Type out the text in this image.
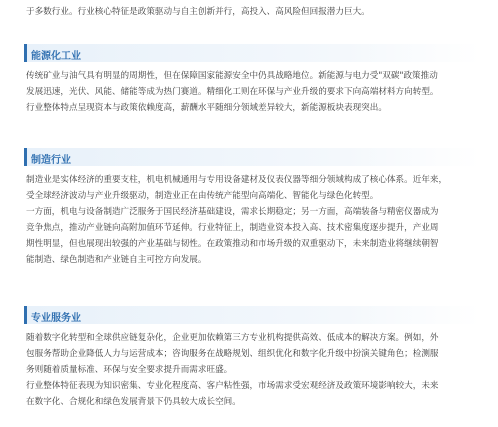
于多数行业。行业核心特征是政策驱动与自主创新并行，高投入、高风险但回报潜力巨大。

能源化工业

传统矿业与油气具有明显的周期性，但在保障国家能源安全中仍具战略地位。新能源与电力受"双碳"政策推动

发展迅速，光伏、风能、储能等成为热门赛道。精细化工则在环保与产业升级的要求下向高端材料方向转型。

行业整体特点呈现资本与政策依赖度高，薪酬水平随细分领域差异较大，新能源板块表现突出。

制造行业

制造业是实体经济的重要支柱，机电机械通用与专用设备建材及仪表仪器等细分领域构成了核心体系。近年来，

受全球经济波动与产业升级驱动，制造业正在由传统产能型向高端化、智能化与绿色化转型。

一方面，机电与设备制造广泛服务于国民经济基础建设，需求长期稳定；另一方面，高端装备与精密仪器成为

竞争焦点，推动产业链向高附加值环节延伸。行业特征上，制造业资本投入高、技术密集度逐步提升，产业周

期性明显，但也展现出较强的产业基础与韧性。在政策推动和市场升级的双重驱动下，未来制造业将继续朝智

能制造、绿色制造和产业链自主可控方向发展。

专业服务业

随着数字化转型和全球供应链复杂化，企业更加依赖第三方专业机构提供高效、低成本的解决方案。例如，外

包服务帮助企业降低人力与运营成本；咨询服务在战略规划、组织优化和数字化升级中扮演关键角色；检测服

务则随着质量标准、环保与安全要求提升而需求旺盛。

行业整体特征表现为知识密集、专业化程度高、客户粘性强，市场需求受宏观经济及政策环境影响较大，未来

在数字化、合规化和绿色发展背景下仍具较大成长空间。
